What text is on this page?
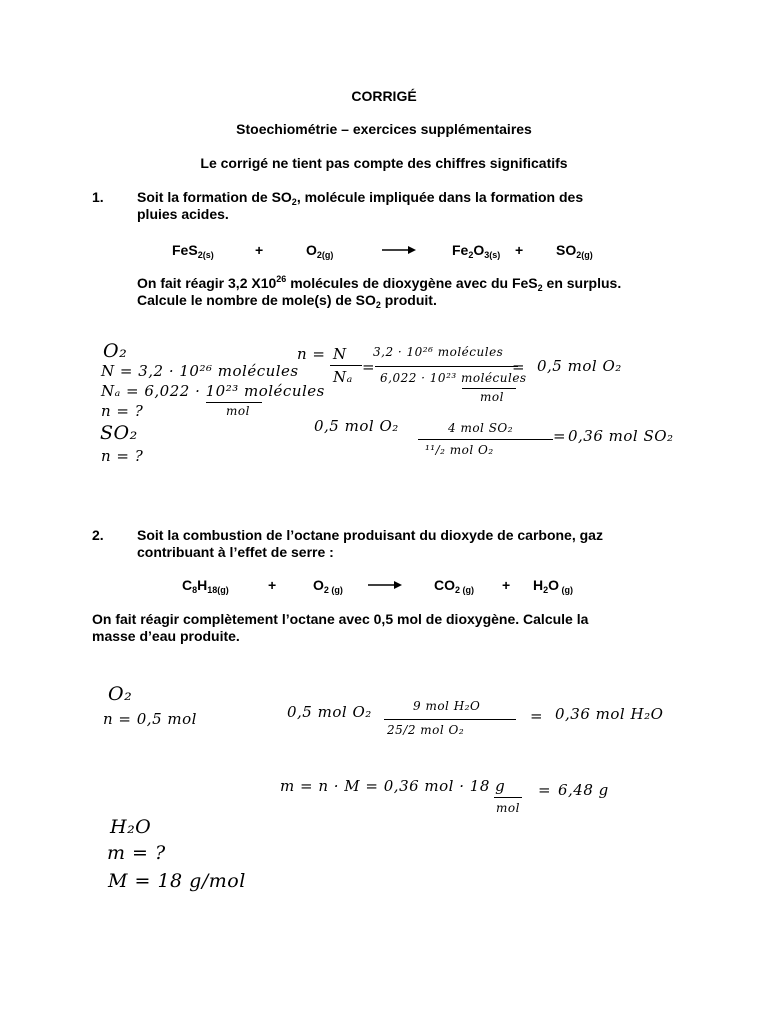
CORRIGÉ
Stoechiométrie – exercices supplémentaires
Le corrigé ne tient pas compte des chiffres significatifs
1. Soit la formation de $SO_2$, molécule impliquée dans la formation des
pluies acides.
FeS$_{2(s)}$	+	$O_{2(g)}$	$Fe_2O_{3(s)} + SO_{2(g)}$
On fait réagir 3,2 $X10^{26}$ molécules de dioxygène avec du FeS$_2$ en surplus.
Calcule le nombre de mole(s) de $SO_2$ produit.
O₂
N = 3,2 · 10²⁶ molécules
Nₐ = 6,022 · 10²³ molécules
mol
n = ?
SO₂
n = ?
n = N
Nₐ
=
3,2 · 10²⁶ molécules
6,022 · 10²³ molécules
mol
= 0,5 mol O₂
0,5 mol O₂	4 mol SO₂
¹¹/₂ mol O₂
= 0,36 mol SO₂
2. Soit la combustion de l’octane produisant du dioxyde de carbone, gaz
contribuant à l’effet de serre :
$C_8H_{18(g)}$	+	$O_{2 (g)}$	$CO_{2 (g)} + H_2O$ $_{(g)}$
On fait réagir complètement l’octane avec 0,5 mol de dioxygène. Calcule la
masse d’eau produite.
O₂
n = 0,5 mol	0,5 mol O₂	9 mol H₂O
25/2 mol O₂
= 0,36 mol H₂O
m = n · M = 0,36 mol · 18 g
mol
= 6,48 g
H₂O
m = ?
M = 18 g/mol
